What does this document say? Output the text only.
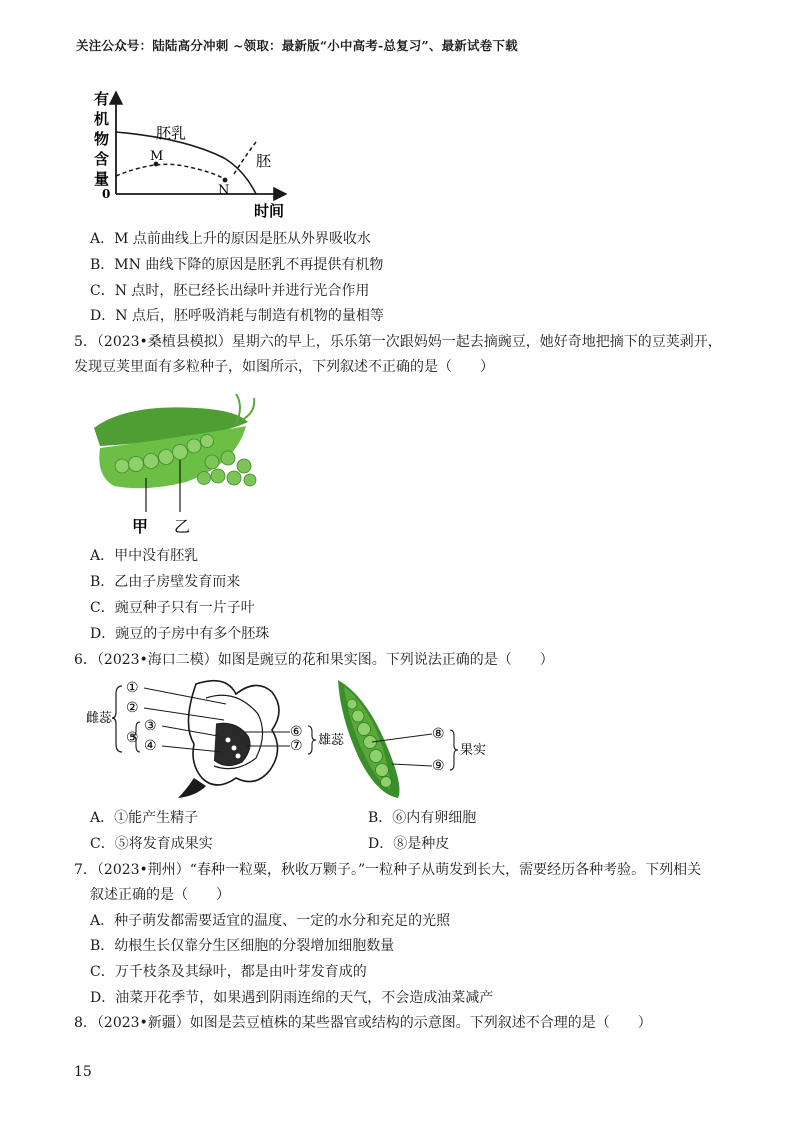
关注公众号：陆陆高分冲刺 ~领取：最新版“小中高考-总复习”、最新试卷下载
有
机
物
含
量
0
时间
胚乳
胚
M
N
A．M 点前曲线上升的原因是胚从外界吸收水
B．MN 曲线下降的原因是胚乳不再提供有机物
C．N 点时，胚已经长出绿叶并进行光合作用
D．N 点后，胚呼吸消耗与制造有机物的量相等
5．（2023•桑植县模拟）星期六的早上，乐乐第一次跟妈妈一起去摘豌豆，她好奇地把摘下的豆荚剥开，
发现豆荚里面有多粒种子，如图所示，下列叙述不正确的是（　　）
甲 乙
A．甲中没有胚乳
B．乙由子房壁发育而来
C．豌豆种子只有一片子叶
D．豌豆的子房中有多个胚珠
6．（2023•海口二模）如图是豌豆的花和果实图。下列说法正确的是（　　）
雌蕊
①
②
③
⑤ ④
⑥
⑦ 雄蕊	⑧
⑨
果实
A．①能产生精子	B．⑥内有卵细胞
C．⑤将发育成果实	D．⑧是种皮
7．（2023•荆州）“春种一粒粟，秋收万颗子。”一粒种子从萌发到长大，需要经历各种考验。下列相关
叙述正确的是（　　）
A．种子萌发都需要适宜的温度、一定的水分和充足的光照
B．幼根生长仅靠分生区细胞的分裂增加细胞数量
C．万千枝条及其绿叶，都是由叶芽发育成的
D．油菜开花季节，如果遇到阴雨连绵的天气，不会造成油菜减产
8．（2023•新疆）如图是芸豆植株的某些器官或结构的示意图。下列叙述不合理的是（　　）
15
